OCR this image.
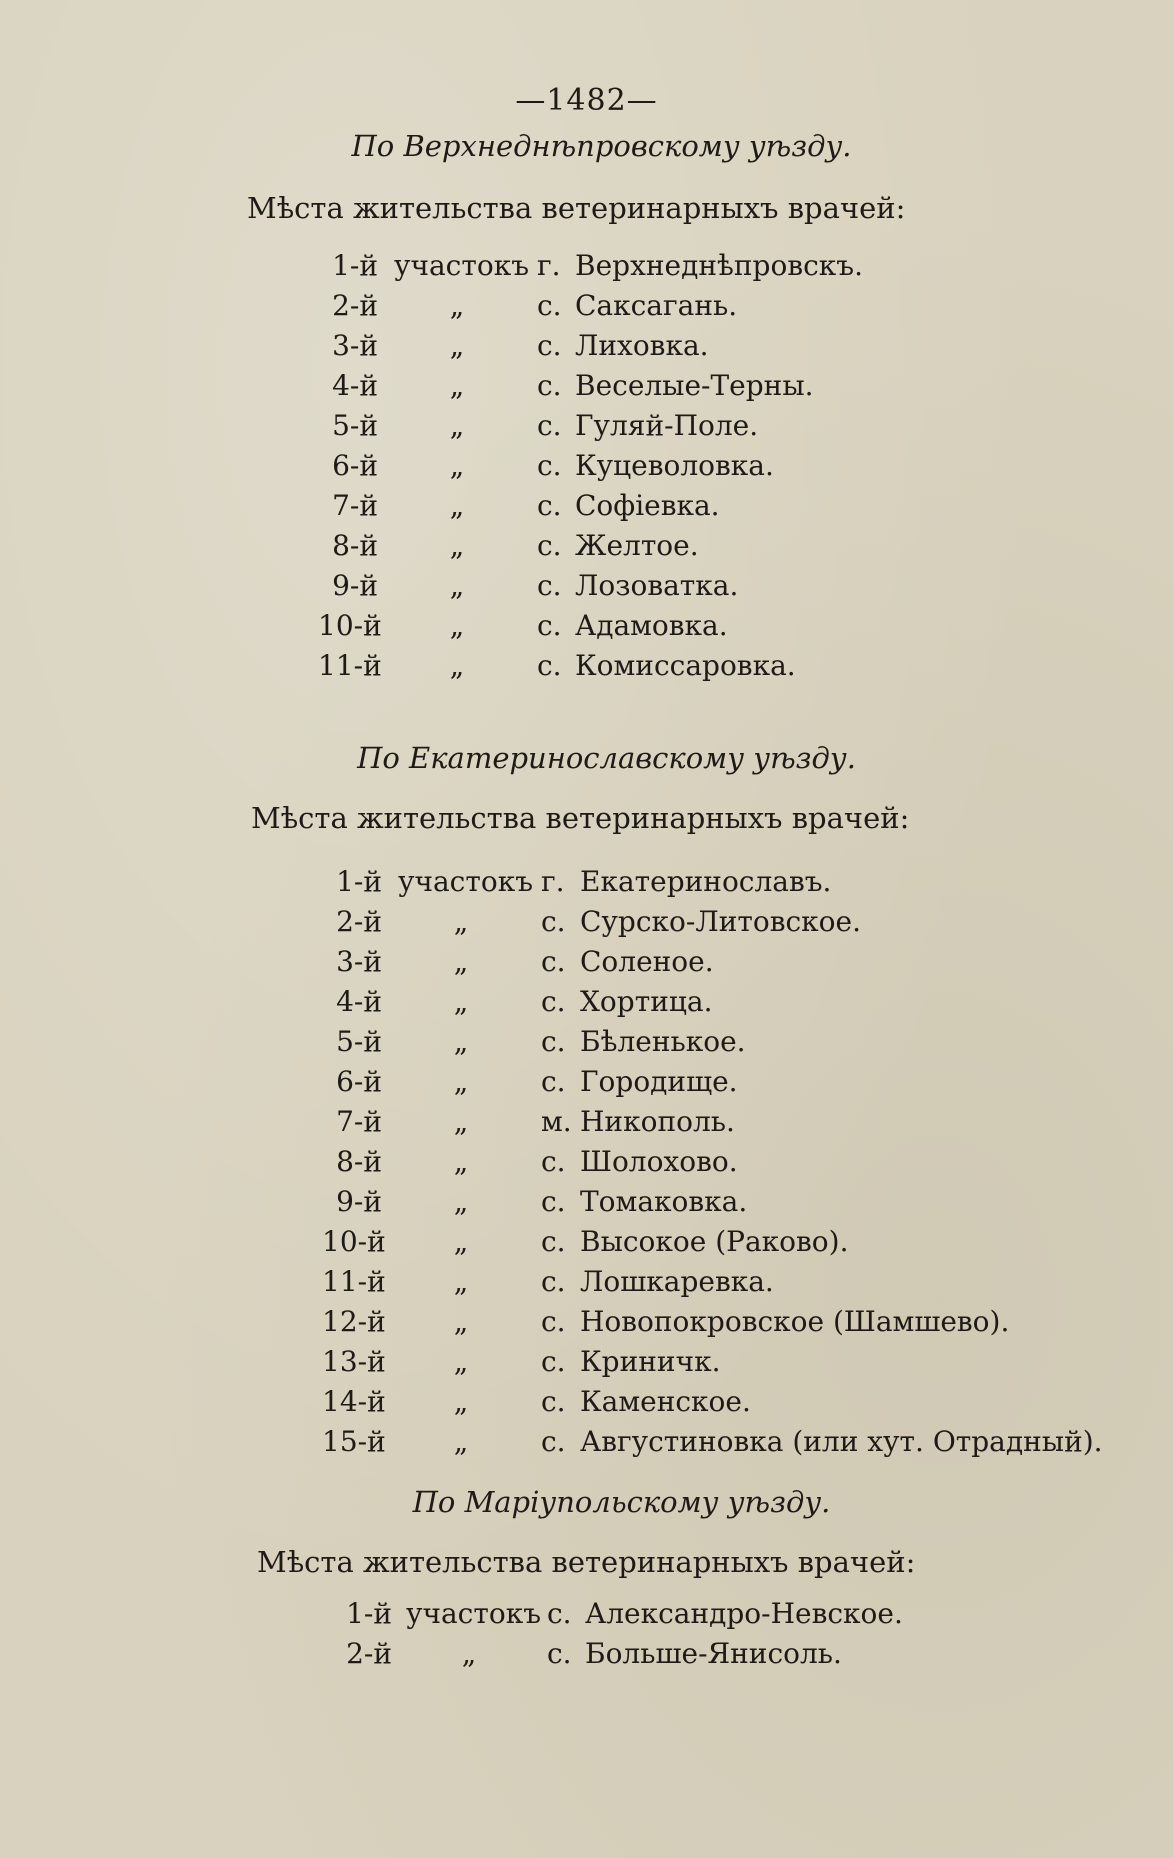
—1482—
По Верхнеднѣпровскому уѣзду.
Мѣста жительства ветеринарныхъ врачей:
1-й участокъ г. Верхнеднѣпровскъ.
2-й	„	с. Саксагань.
3-й	„	с. Лиховка.
4-й	„	с. Веселые-Терны.
5-й	„	с. Гуляй-Поле.
6-й	„	с. Куцеволовка.
7-й	„	с. Софіевка.
8-й	„	с. Желтое.
9-й	„	с. Лозоватка.
10-й	„	с. Адамовка.
11-й	„	с. Комиссаровка.
По Екатеринославскому уѣзду.
Мѣста жительства ветеринарныхъ врачей:
1-й участокъ г. Екатеринославъ.
2-й	„	с. Сурско-Литовское.
3-й	„	с. Соленое.
4-й	„	с. Хортица.
5-й	„	с. Бѣленькое.
6-й	„	с. Городище.
7-й	„	м. Никополь.
8-й	„	с. Шолохово.
9-й	„	с. Томаковка.
10-й	„	с. Высокое (Раково).
11-й	„	с. Лошкаревка.
12-й	„	с. Новопокровское (Шамшево).
13-й	„	с. Криничк.
14-й	„	с. Каменское.
15-й	„	с. Августиновка (или хут. Отрадный).
По Маріупольскому уѣзду.
Мѣста жительства ветеринарныхъ врачей:
1-й участокъ с. Александро-Невское.
2-й	„	с. Больше-Янисоль.
